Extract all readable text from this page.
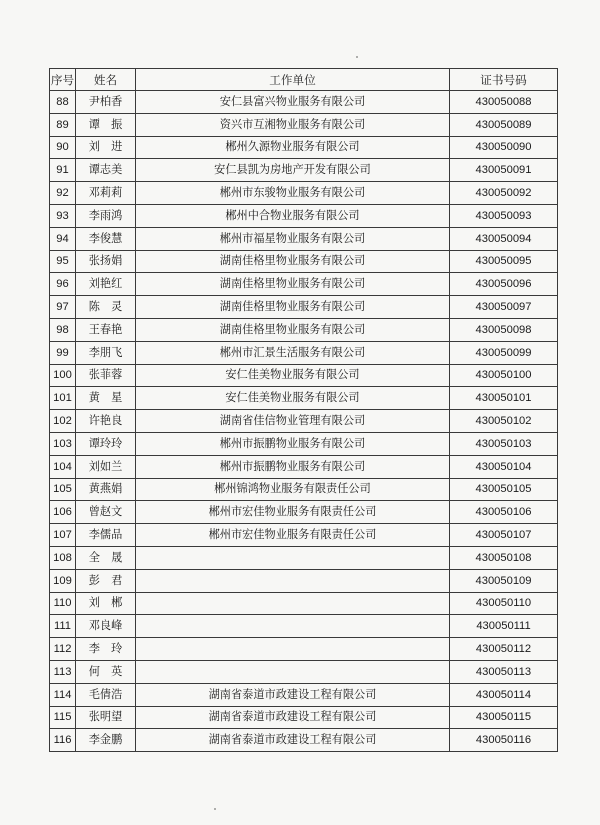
序号	姓名	工作单位	证书号码
88	尹柏香	安仁县富兴物业服务有限公司	430050088
89	谭　振	资兴市互湘物业服务有限公司	430050089
90	刘　进	郴州久源物业服务有限公司	430050090
91	谭志美	安仁县凯为房地产开发有限公司	430050091
92	邓莉莉	郴州市东骏物业服务有限公司	430050092
93	李雨鸿	郴州中合物业服务有限公司	430050093
94	李俊慧	郴州市福星物业服务有限公司	430050094
95	张扬娟	湖南佳格里物业服务有限公司	430050095
96	刘艳红	湖南佳格里物业服务有限公司	430050096
97	陈　灵	湖南佳格里物业服务有限公司	430050097
98	王春艳	湖南佳格里物业服务有限公司	430050098
99	李朋飞	郴州市汇景生活服务有限公司	430050099
100	张菲蓉	安仁佳美物业服务有限公司	430050100
101	黄　星	安仁佳美物业服务有限公司	430050101
102	许艳良	湖南省佳信物业管理有限公司	430050102
103	谭玲玲	郴州市振鹏物业服务有限公司	430050103
104	刘如兰	郴州市振鹏物业服务有限公司	430050104
105	黄燕娟	郴州锦鸿物业服务有限责任公司	430050105
106	曾赵文	郴州市宏佳物业服务有限责任公司	430050106
107	李儒品	郴州市宏佳物业服务有限责任公司	430050107
108	全　晟		430050108
109	彭　君		430050109
110	刘　郴		430050110
111	邓良峰		430050111
112	李　玲		430050112
113	何　英		430050113
114	毛倩浩	湖南省泰道市政建设工程有限公司	430050114
115	张明望	湖南省泰道市政建设工程有限公司	430050115
116	李金鹏	湖南省泰道市政建设工程有限公司	430050116
